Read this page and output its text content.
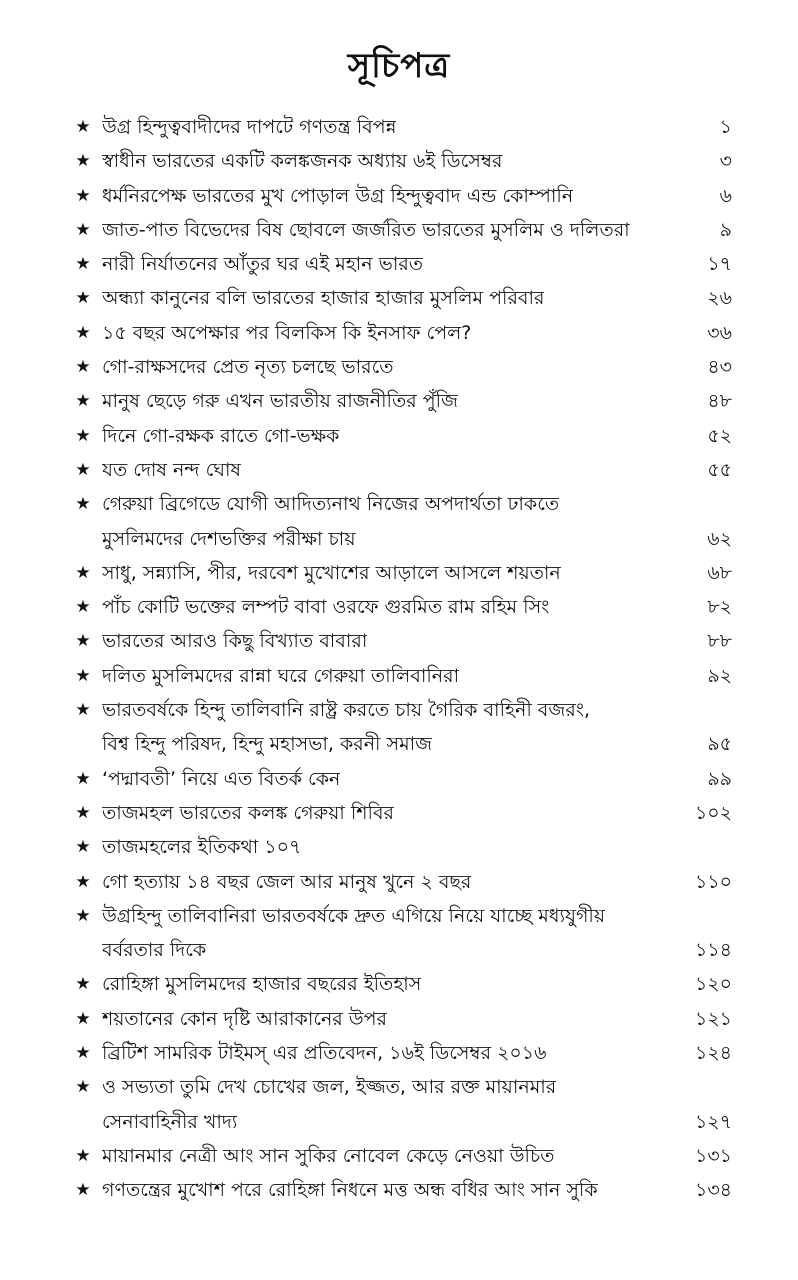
সূচিপত্র
★ উগ্র হিন্দুত্ববাদীদের দাপটে গণতন্ত্র বিপন্ন	১
★ স্বাধীন ভারতের একটি কলঙ্কজনক অধ্যায় ৬ই ডিসেম্বর	৩
★ ধর্মনিরপেক্ষ ভারতের মুখ পোড়াল উগ্র হিন্দুত্ববাদ এন্ড কোম্পানি	৬
★ জাত-পাত বিভেদের বিষ ছোবলে জর্জরিত ভারতের মুসলিম ও দলিতরা	৯
★ নারী নির্যাতনের আঁতুর ঘর এই মহান ভারত	১৭
★ অন্ধ্যা কানুনের বলি ভারতের হাজার হাজার মুসলিম পরিবার	২৬
★ ১৫ বছর অপেক্ষার পর বিলকিস কি ইনসাফ পেল?	৩৬
★ গো-রাক্ষসদের প্রেত নৃত্য চলছে ভারতে	৪৩
★ মানুষ ছেড়ে গরু এখন ভারতীয় রাজনীতির পুঁজি	৪৮
★ দিনে গো-রক্ষক রাতে গো-ভক্ষক	৫২
★ যত দোষ নন্দ ঘোষ	৫৫
★ গেরুয়া ব্রিগেডে যোগী আদিত্যনাথ নিজের অপদার্থতা ঢাকতে
মুসলিমদের দেশভক্তির পরীক্ষা চায়	৬২
★ সাধু, সন্ন্যাসি, পীর, দরবেশ মুখোশের আড়ালে আসলে শয়তান	৬৮
★ পাঁচ কোটি ভক্তের লম্পট বাবা ওরফে গুরমিত রাম রহিম সিং	৮২
★ ভারতের আরও কিছু বিখ্যাত বাবারা	৮৮
★ দলিত মুসলিমদের রান্না ঘরে গেরুয়া তালিবানিরা	৯২
★ ভারতবর্ষকে হিন্দু তালিবানি রাষ্ট্র করতে চায় গৈরিক বাহিনী বজরং,
বিশ্ব হিন্দু পরিষদ, হিন্দু মহাসভা, করনী সমাজ	৯৫
★ ‘পদ্মাবতী’ নিয়ে এত বিতর্ক কেন	৯৯
★ তাজমহল ভারতের কলঙ্ক গেরুয়া শিবির	১০২
★ তাজমহলের ইতিকথা ১০৭
★ গো হত্যায় ১৪ বছর জেল আর মানুষ খুনে ২ বছর	১১০
★ উগ্রহিন্দু তালিবানিরা ভারতবর্ষকে দ্রুত এগিয়ে নিয়ে যাচ্ছে মধ্যযুগীয়
বর্বরতার দিকে	১১৪
★ রোহিঙ্গা মুসলিমদের হাজার বছরের ইতিহাস	১২০
★ শয়তানের কোন দৃষ্টি আরাকানের উপর	১২১
★ ব্রিটিশ সামরিক টাইমস্‌ এর প্রতিবেদন, ১৬ই ডিসেম্বর ২০১৬	১২৪
★ ও সভ্যতা তুমি দেখ চোখের জল, ইজ্জত, আর রক্ত মায়ানমার
সেনাবাহিনীর খাদ্য	১২৭
★ মায়ানমার নেত্রী আং সান সুকির নোবেল কেড়ে নেওয়া উচিত	১৩১
★ গণতন্ত্রের মুখোশ পরে রোহিঙ্গা নিধনে মত্ত অন্ধ বধির আং সান সুকি	১৩৪
